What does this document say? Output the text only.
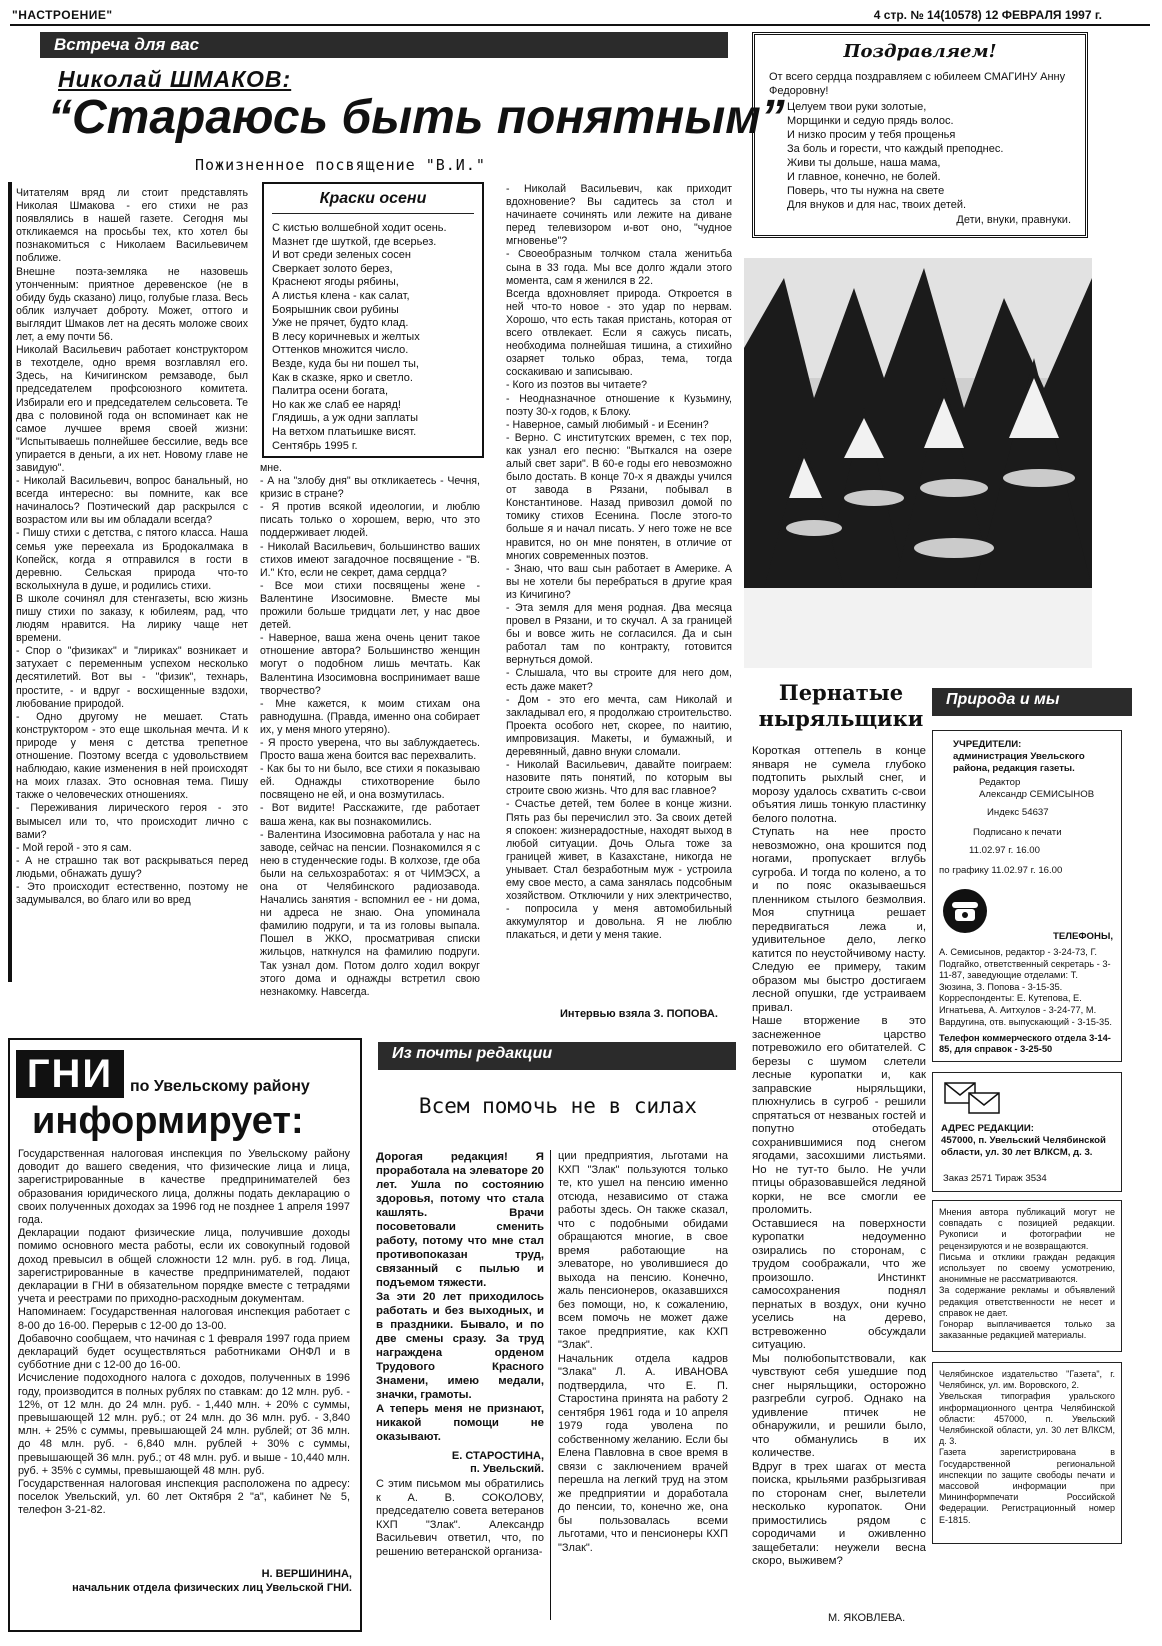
"НАСТРОЕНИЕ"	4 стр. № 14(10578) 12 ФЕВРАЛЯ 1997 г.
Встреча для вас
Николай ШМАКОВ:
“Стараюсь быть понятным”
Пожизненное посвящение "В.И."
Читателям вряд ли стоит представлять Николая Шмакова - его стихи не раз появлялись в нашей газете. Сегодня мы откликаемся на просьбы тех, кто хотел бы познакомиться с Николаем Васильевичем поближе.
Внешне поэта-земляка не назовешь утонченным: приятное деревенское (не в обиду будь сказано) лицо, голубые глаза. Весь облик излучает доброту. Может, оттого и выглядит Шмаков лет на десять моложе своих лет, а ему почти 56.
Николай Васильевич работает конструктором в техотделе, одно время возглавлял его. Здесь, на Кичигинском ремзаводе, был председателем профсоюзного комитета. Избирали его и председателем сельсовета. Те два с половиной года он вспоминает как не самое лучшее время своей жизни: "Испытываешь полнейшее бессилие, ведь все упирается в деньги, а их нет. Новому главе не завидую".
- Николай Васильевич, вопрос банальный, но всегда интересно: вы помните, как все начиналось? Поэтический дар раскрылся с возрастом или вы им обладали всегда?
- Пишу стихи с детства, с пятого класса. Наша семья уже переехала из Бродокалмака в Копейск, когда я отправился в гости в деревню. Сельская природа что-то всколыхнула в душе, и родились стихи.
В школе сочинял для стенгазеты, всю жизнь пишу стихи по заказу, к юбилеям, рад, что людям нравится. На лирику чаще нет времени.
- Спор о "физиках" и "лириках" возникает и затухает с переменным успехом несколько десятилетий. Вот вы - "физик", технарь, простите, - и вдруг - восхищенные вздохи, любование природой.
- Одно другому не мешает. Стать конструктором - это еще школьная мечта. И к природе у меня с детства трепетное отношение. Поэтому всегда с удовольствием наблюдаю, какие изменения в ней происходят на моих глазах. Это основная тема. Пишу также о человеческих отношениях.
- Переживания лирического героя - это вымысел или то, что происходит лично с вами?
- Мой герой - это я сам.
- А не страшно так вот раскрываться перед людьми, обнажать душу?
- Это происходит естественно, поэтому не задумывался, во благо или во вред
Краски осени
С кистью волшебной ходит осень.
Мазнет где шуткой, где всерьез.
И вот среди зеленых сосен
Сверкает золото берез,
Краснеют ягоды рябины,
А листья клена - как салат,
Боярышник свои рубины
Уже не прячет, будто клад.
В лесу коричневых и желтых
Оттенков множится число.
Везде, куда бы ни пошел ты,
Как в сказке, ярко и светло.
Палитра осени богата,
Но как же слаб ее наряд!
Глядишь, а уж одни заплаты
На ветхом платьишке висят.
Сентябрь 1995 г.
мне.
- А на "злобу дня" вы откликаетесь - Чечня, кризис в стране?
- Я против всякой идеологии, и люблю писать только о хорошем, верю, что это поддерживает людей.
- Николай Васильевич, большинство ваших стихов имеют загадочное посвящение - "В. И." Кто, если не секрет, дама сердца?
- Все мои стихи посвящены жене - Валентине Изосимовне. Вместе мы прожили больше тридцати лет, у нас двое детей.
- Наверное, ваша жена очень ценит такое отношение автора? Большинство женщин могут о подобном лишь мечтать. Как Валентина Изосимовна воспринимает ваше творчество?
- Мне кажется, к моим стихам она равнодушна. (Правда, именно она собирает их, у меня много утеряно).
- Я просто уверена, что вы заблуждаетесь. Просто ваша жена боится вас перехвалить.
- Как бы то ни было, все стихи я показываю ей. Однажды стихотворение было посвящено не ей, и она возмутилась.
- Вот видите! Расскажите, где работает ваша жена, как вы познакомились.
- Валентина Изосимовна работала у нас на заводе, сейчас на пенсии. Познакомился я с нею в студенческие годы. В колхозе, где оба были на сельхозработах: я от ЧИМЭСХ, а она от Челябинского радиозавода. Начались занятия - вспомнил ее - ни дома, ни адреса не знаю. Она упоминала фамилию подруги, и та из головы выпала. Пошел в ЖКО, просматривая списки жильцов, наткнулся на фамилию подруги. Так узнал дом. Потом долго ходил вокруг этого дома и однажды встретил свою незнакомку. Навсегда.
- Николай Васильевич, как приходит вдохновение? Вы садитесь за стол и начинаете сочинять или лежите на диване перед телевизором и-вот оно, "чудное мгновенье"?
- Своеобразным толчком стала женитьба сына в 33 года. Мы все долго ждали этого момента, сам я женился в 22.
Всегда вдохновляет природа. Откроется в ней что-то новое - это удар по нервам. Хорошо, что есть такая пристань, которая от всего отвлекает. Если я сажусь писать, необходима полнейшая тишина, а стихийно озаряет только образ, тема, тогда соскакиваю и записываю.
- Кого из поэтов вы читаете?
- Неодназначное отношение к Кузьмину, поэту 30-х годов, к Блоку.
- Наверное, самый любимый - и Есенин?
- Верно. С институтских времен, с тех пор, как узнал его песню: "Выткался на озере алый свет зари". В 60-е годы его невозможно было достать. В конце 70-х я дважды учился от завода в Рязани, побывал в Константинове. Назад привозил домой по томику стихов Есенина. После этого-то больше я и начал писать. У него тоже не все нравится, но он мне понятен, в отличие от многих современных поэтов.
- Знаю, что ваш сын работает в Америке. А вы не хотели бы перебраться в другие края из Кичигино?
- Эта земля для меня родная. Два месяца провел в Рязани, и то скучал. А за границей бы и вовсе жить не согласился. Да и сын работал там по контракту, готовится вернуться домой.
- Слышала, что вы строите для него дом, есть даже макет?
- Дом - это его мечта, сам Николай и закладывал его, я продолжаю строительство. Проекта особого нет, скорее, по наитию, импровизация. Макеты, и бумажный, и деревянный, давно внуки сломали.
- Николай Васильевич, давайте поиграем: назовите пять понятий, по которым вы строите свою жизнь. Что для вас главное?
- Счастье детей, тем более в конце жизни. Пять раз бы перечислил это. За своих детей я спокоен: жизнерадостные, находят выход в любой ситуации. Дочь Ольга тоже за границей живет, в Казахстане, никогда не унывает. Стал безработным муж - устроила ему свое место, а сама занялась подсобным хозяйством. Отключили у них электричество, - попросила у меня автомобильный аккумулятор и довольна. Я не люблю плакаться, и дети у меня такие.
Интервью взяла З. ПОПОВА.
Поздравляем!
От всего сердца поздравляем с юбилеем СМАГИНУ Анну Федоровну!
Целуем твои руки золотые,
Морщинки и седую прядь волос.
И низко просим у тебя прощенья
За боль и горести, что каждый преподнес.
Живи ты дольше, наша мама,
И главное, конечно, не болей.
Поверь, что ты нужна на свете
Для внуков и для нас, твоих детей.
Дети, внуки, правнуки.
Пернатые ныряльщики
Короткая оттепель в конце января не сумела глубоко подтопить рыхлый снег, и морозу удалось схватить с-свои объятия лишь тонкую пластинку белого полотна.
Ступать на нее просто невозможно, она крошится под ногами, пропускает вглубь сугроба. И тогда по колено, а то и по пояс оказываешься пленником стылого безмолвия. Моя спутница решает передвигаться лежа и, удивительное дело, легко катится по неустойчивому насту. Следую ее примеру, таким образом мы быстро достигаем лесной опушки, где устраиваем привал.
Наше вторжение в это заснеженное царство потревожило его обитателей. С березы с шумом слетели лесные куропатки и, как заправские ныряльщики, плюхнулись в сугроб - решили спрятаться от незваных гостей и попутно отобедать сохранившимися под снегом ягодами, засохшими листьями. Но не тут-то было. Не учли птицы образовавшейся ледяной корки, не все смогли ее проломить.
Оставшиеся на поверхности куропатки недоуменно озирались по сторонам, с трудом соображали, что же произошло. Инстинкт самосохранения поднял пернатых в воздух, они кучно уселись на дерево, встревоженно обсуждали ситуацию.
Мы полюбопытствовали, как чувствуют себя ушедшие под снег ныряльщики, осторожно разгребли сугроб. Однако на удивление птичек не обнаружили, и решили было, что обманулись в их количестве.
Вдруг в трех шагах от места поиска, крыльями разбрызгивая по сторонам снег, вылетели несколько куропаток. Они примостились рядом с сородичами и оживленно защебетали: неужели весна скоро, выживем?
М. ЯКОВЛЕВА.
Природа и мы
УЧРЕДИТЕЛИ:
администрация Увельского района, редакция газеты.
Редактор
Александр СЕМИСЫНОВ
Индекс 54637
Подписано к печати
11.02.97 г. 16.00
по графику 11.02.97 г. 16.00
ТЕЛЕФОНЫ,
А. Семисынов, редактор - 3-24-73, Г. Подгайко, ответственный секретарь - 3-11-87, заведующие отделами: Т. Зюзина, З. Попова - 3-15-35. Корреспонденты: Е. Кутепова, Е. Игнатьева, А. Аитхулов - 3-24-77, М. Вардугина, отв. выпускающий - 3-15-35.
Телефон коммерческого отдела 3-14-85, для справок - 3-25-50
АДРЕС РЕДАКЦИИ:
457000, п. Увельский Челябинской области, ул. 30 лет ВЛКСМ, д. 3.
Заказ 2571 Тираж 3534
Мнения автора публикаций могут не совпадать с позицией редакции. Рукописи и фотографии не рецензируются и не возвращаются.
Письма и отклики граждан редакция использует по своему усмотрению, анонимные не рассматриваются.
За содержание рекламы и объявлений редакция ответственности не несет и справок не дает.
Гонорар выплачивается только за заказанные редакцией материалы.
Челябинское издательство "Газета", г. Челябинск, ул. им. Воровского, 2.
Увельская типография уральского информационного центра Челябинской области: 457000, п. Увельский Челябинской области, ул. 30 лет ВЛКСМ, д. 3.
Газета зарегистрирована в Государственной региональной инспекции по защите свободы печати и массовой информации при Мининформпечати Российской Федерации. Регистрационный номер Е-1815.
ГНИ	по Увельскому району
информирует:
Государственная налоговая инспекция по Увельскому району доводит до вашего сведения, что физические лица и лица, зарегистрированные в качестве предпринимателей без образования юридического лица, должны подать декларацию о своих полученных доходах за 1996 год не позднее 1 апреля 1997 года.
Декларации подают физические лица, получившие доходы помимо основного места работы, если их совокупный годовой доход превысил в общей сложности 12 млн. руб. в год. Лица, зарегистрированные в качестве предпринимателей, подают декларации в ГНИ в обязательном порядке вместе с тетрадями учета и реестрами по приходно-расходным документам.
Напоминаем: Государственная налоговая инспекция работает с 8-00 до 16-00. Перерыв с 12-00 до 13-00.
Добавочно сообщаем, что начиная с 1 февраля 1997 года прием деклараций будет осуществляться работниками ОНФЛ и в субботние дни с 12-00 до 16-00.
Исчисление подоходного налога с доходов, полученных в 1996 году, производится в полных рублях по ставкам: до 12 млн. руб. - 12%, от 12 млн. до 24 млн. руб. - 1,440 млн. + 20% с суммы, превышающей 12 млн. руб.; от 24 млн. до 36 млн. руб. - 3,840 млн. + 25% с суммы, превышающей 24 млн. рублей; от 36 млн. до 48 млн. руб. - 6,840 млн. рублей + 30% с суммы, превышающей 36 млн. руб.; от 48 млн. руб. и выше - 10,440 млн. руб. + 35% с суммы, превышающей 48 млн. руб.
Государственная налоговая инспекция расположена по адресу: поселок Увельский, ул. 60 лет Октября 2 "а", кабинет № 5, телефон 3-21-82.
Н. ВЕРШИНИНА,
начальник отдела физических лиц Увельской ГНИ.
Из почты редакции
Всем помочь не в силах
Дорогая редакция! Я проработала на элеваторе 20 лет. Ушла по состоянию здоровья, потому что стала кашлять. Врачи посоветовали сменить работу, потому что мне стал противопоказан труд, связанный с пылью и подъемом тяжести.
За эти 20 лет приходилось работать и без выходных, и в праздники. Бывало, и по две смены сразу. За труд награждена орденом Трудового Красного Знамени, имею медали, значки, грамоты.
А теперь меня не признают, никакой помощи не оказывают.
Е. СТАРОСТИНА,
п. Увельский.
С этим письмом мы обратились к А. В. СОКОЛОВУ, председателю совета ветеранов КХП "Злак". Александр Васильевич ответил, что, по решению ветеранской организа-
ции предприятия, льготами на КХП "Злак" пользуются только те, кто ушел на пенсию именно отсюда, независимо от стажа работы здесь. Он также сказал, что с подобными обидами обращаются многие, в свое время работающие на элеваторе, но уволившиеся до выхода на пенсию. Конечно, жаль пенсионеров, оказавшихся без помощи, но, к сожалению, всем помочь не может даже такое предприятие, как КХП "Злак".
Начальник отдела кадров "Злака" Л. А. ИВАНОВА подтвердила, что Е. П. Старостина принята на работу 2 сентября 1961 года и 10 апреля 1979 года уволена по собственному желанию. Если бы Елена Павловна в свое время в связи с заключением врачей перешла на легкий труд на этом же предприятии и доработала до пенсии, то, конечно же, она бы пользовалась всеми льготами, что и пенсионеры КХП "Злак".
